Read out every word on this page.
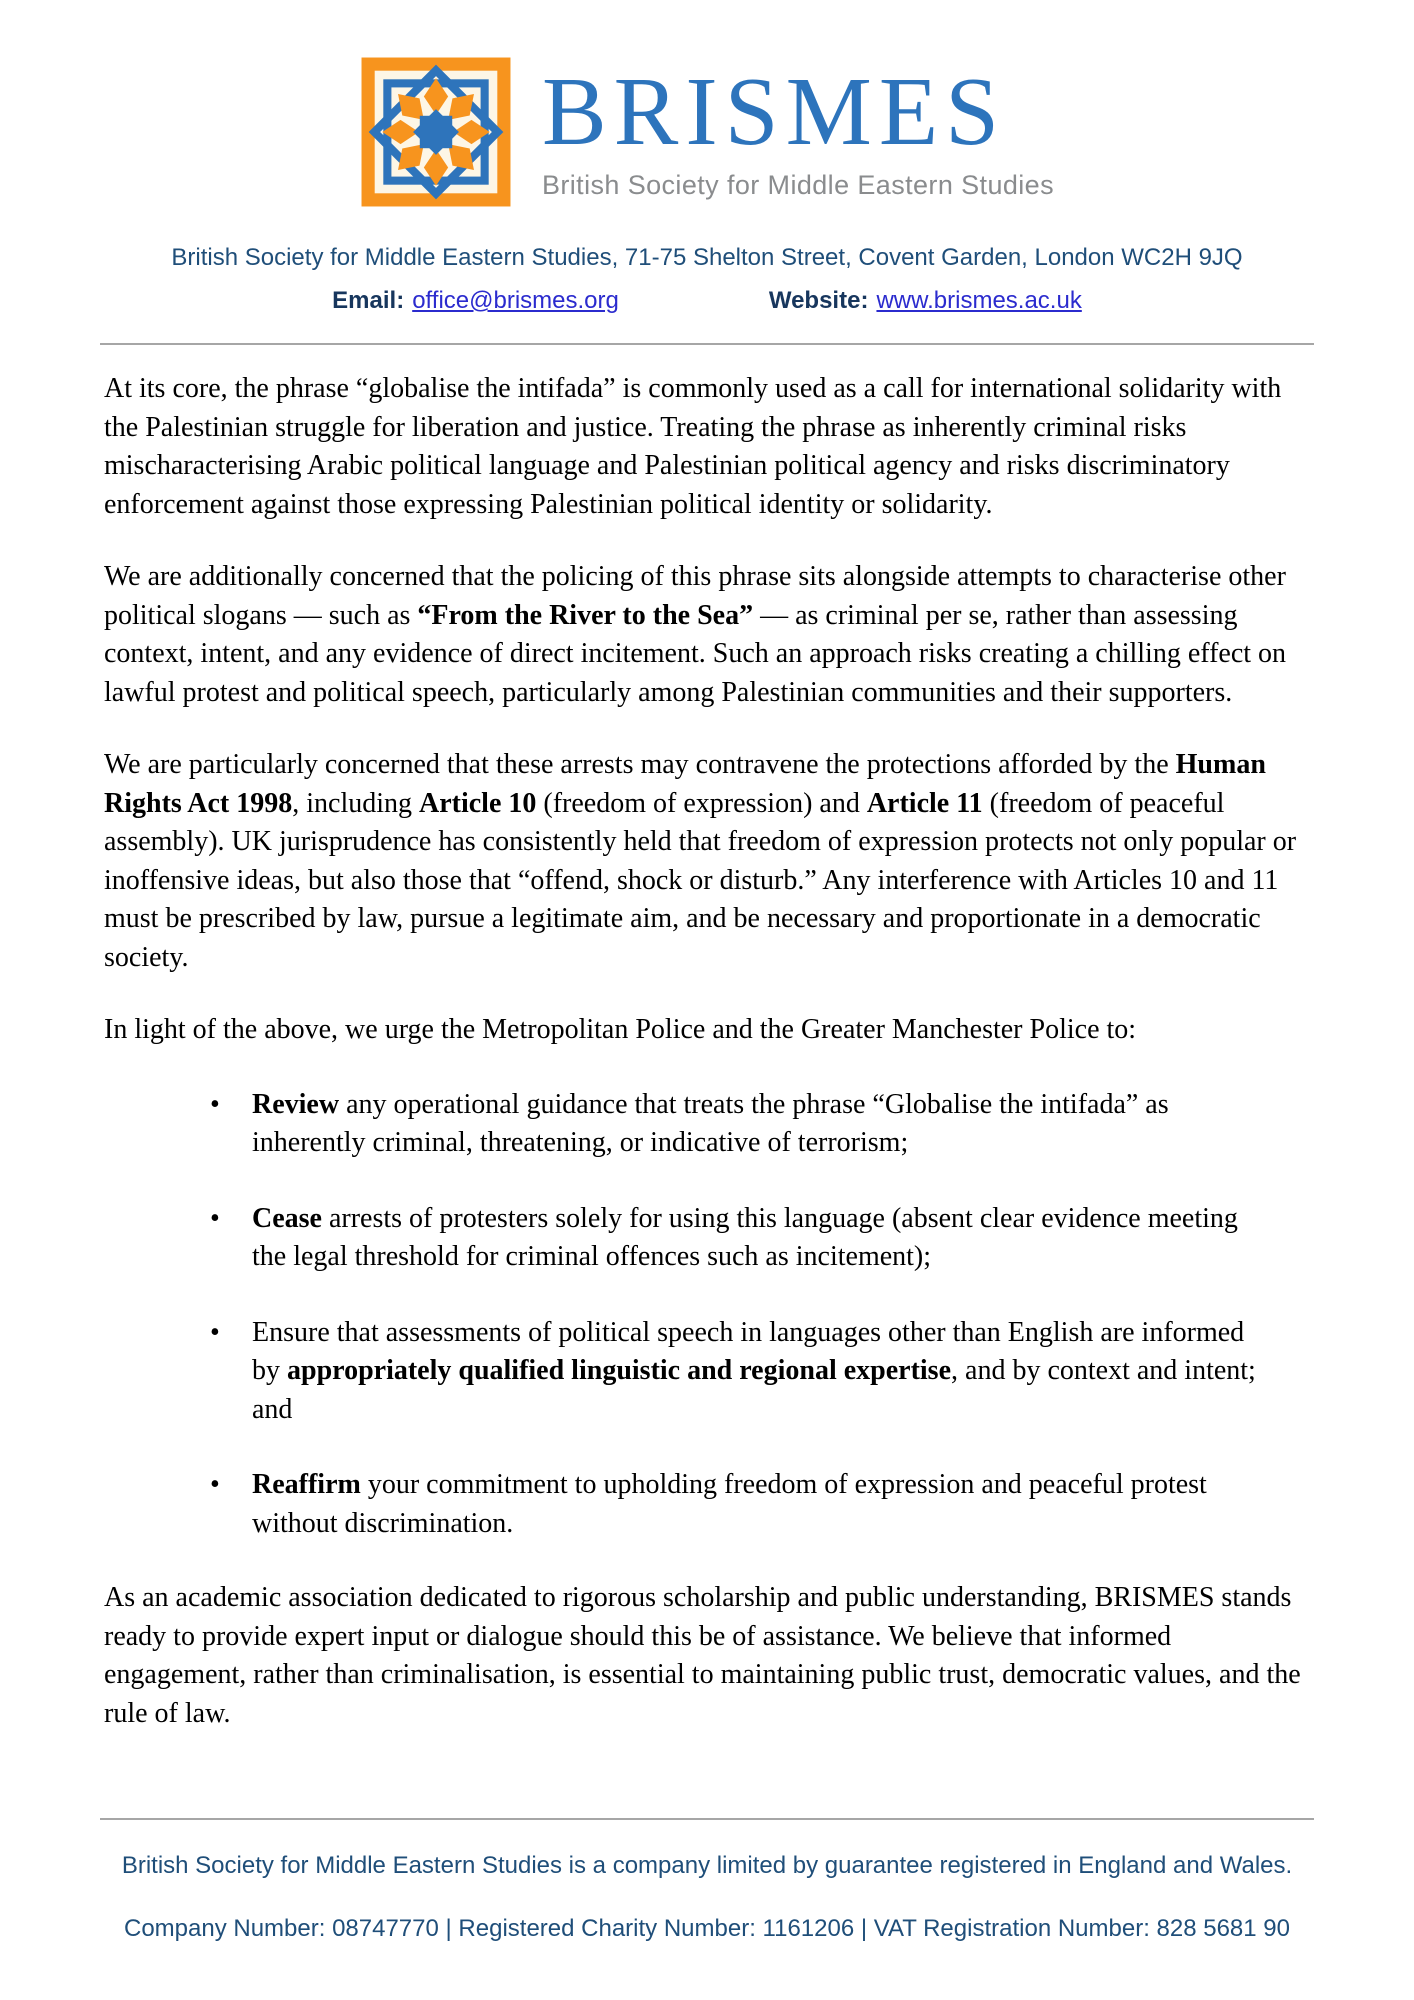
BRISMES
British Society for Middle Eastern Studies
British Society for Middle Eastern Studies, 71-75 Shelton Street, Covent Garden, London WC2H 9JQ
Email: office@brismes.org	Website: www.brismes.ac.uk

At its core, the phrase “globalise the intifada” is commonly used as a call for international solidarity with the Palestinian struggle for liberation and justice. Treating the phrase as inherently criminal risks mischaracterising Arabic political language and Palestinian political agency and risks discriminatory enforcement against those expressing Palestinian political identity or solidarity.

We are additionally concerned that the policing of this phrase sits alongside attempts to characterise other political slogans — such as “From the River to the Sea” — as criminal per se, rather than assessing context, intent, and any evidence of direct incitement. Such an approach risks creating a chilling effect on lawful protest and political speech, particularly among Palestinian communities and their supporters.

We are particularly concerned that these arrests may contravene the protections afforded by the Human Rights Act 1998, including Article 10 (freedom of expression) and Article 11 (freedom of peaceful assembly). UK jurisprudence has consistently held that freedom of expression protects not only popular or inoffensive ideas, but also those that “offend, shock or disturb.” Any interference with Articles 10 and 11 must be prescribed by law, pursue a legitimate aim, and be necessary and proportionate in a democratic society.

In light of the above, we urge the Metropolitan Police and the Greater Manchester Police to:

• Review any operational guidance that treats the phrase “Globalise the intifada” as inherently criminal, threatening, or indicative of terrorism;
• Cease arrests of protesters solely for using this language (absent clear evidence meeting the legal threshold for criminal offences such as incitement);
• Ensure that assessments of political speech in languages other than English are informed by appropriately qualified linguistic and regional expertise, and by context and intent; and
• Reaffirm your commitment to upholding freedom of expression and peaceful protest without discrimination.

As an academic association dedicated to rigorous scholarship and public understanding, BRISMES stands ready to provide expert input or dialogue should this be of assistance. We believe that informed engagement, rather than criminalisation, is essential to maintaining public trust, democratic values, and the rule of law.

British Society for Middle Eastern Studies is a company limited by guarantee registered in England and Wales.
Company Number: 08747770 | Registered Charity Number: 1161206 | VAT Registration Number: 828 5681 90
